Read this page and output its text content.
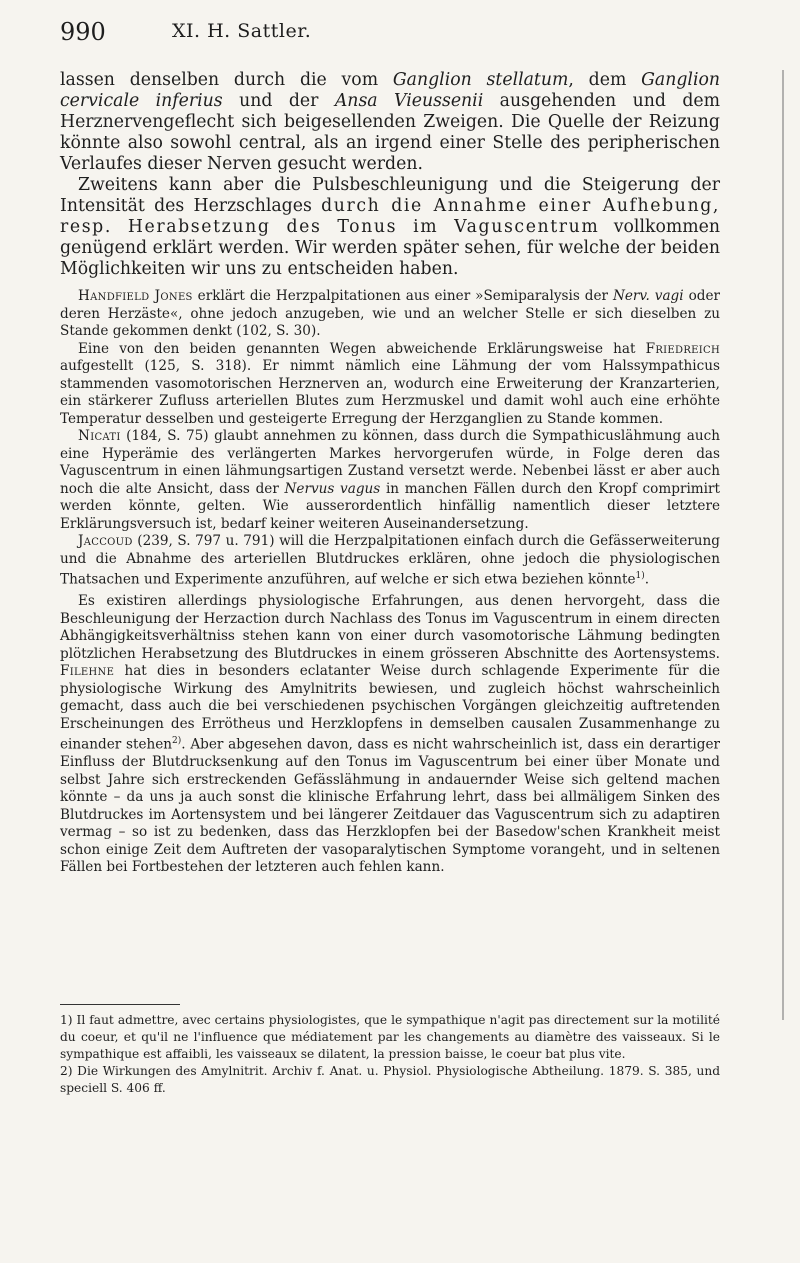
990	XI. H. Sattler.

lassen denselben durch die vom Ganglion stellatum, dem Ganglion cervicale inferius und der Ansa Vieussenii ausgehenden und dem Herznervengeflecht sich beigesellenden Zweigen. Die Quelle der Reizung könnte also sowohl central, als an irgend einer Stelle des peripherischen Verlaufes dieser Nerven gesucht werden.

Zweitens kann aber die Pulsbeschleunigung und die Steigerung der Intensität des Herzschlages durch die Annahme einer Aufhebung, resp. Herabsetzung des Tonus im Vaguscentrum vollkommen genügend erklärt werden. Wir werden später sehen, für welche der beiden Möglichkeiten wir uns zu entscheiden haben.

Handfield Jones erklärt die Herzpalpitationen aus einer »Semiparalysis der Nerv. vagi oder deren Herzäste«, ohne jedoch anzugeben, wie und an welcher Stelle er sich dieselben zu Stande gekommen denkt (102, S. 30).

Eine von den beiden genannten Wegen abweichende Erklärungsweise hat Friedreich aufgestellt (125, S. 318). Er nimmt nämlich eine Lähmung der vom Halssympathicus stammenden vasomotorischen Herznerven an, wodurch eine Erweiterung der Kranzarterien, ein stärkerer Zufluss arteriellen Blutes zum Herzmuskel und damit wohl auch eine erhöhte Temperatur desselben und gesteigerte Erregung der Herzganglien zu Stande kommen.

Nicati (184, S. 75) glaubt annehmen zu können, dass durch die Sympathicuslähmung auch eine Hyperämie des verlängerten Markes hervorgerufen würde, in Folge deren das Vaguscentrum in einen lähmungsartigen Zustand versetzt werde. Nebenbei lässt er aber auch noch die alte Ansicht, dass der Nervus vagus in manchen Fällen durch den Kropf comprimirt werden könnte, gelten. Wie ausserordentlich hinfällig namentlich dieser letztere Erklärungsversuch ist, bedarf keiner weiteren Auseinandersetzung.

Jaccoud (239, S. 797 u. 791) will die Herzpalpitationen einfach durch die Gefässerweiterung und die Abnahme des arteriellen Blutdruckes erklären, ohne jedoch die physiologischen Thatsachen und Experimente anzuführen, auf welche er sich etwa beziehen könnte$^{1)}$.

Es existiren allerdings physiologische Erfahrungen, aus denen hervorgeht, dass die Beschleunigung der Herzaction durch Nachlass des Tonus im Vaguscentrum in einem directen Abhängigkeitsverhältniss stehen kann von einer durch vasomotorische Lähmung bedingten plötzlichen Herabsetzung des Blutdruckes in einem grösseren Abschnitte des Aortensystems. Filehne hat dies in besonders eclatanter Weise durch schlagende Experimente für die physiologische Wirkung des Amylnitrits bewiesen, und zugleich höchst wahrscheinlich gemacht, dass auch die bei verschiedenen psychischen Vorgängen gleichzeitig auftretenden Erscheinungen des Errötheus und Herzklopfens in demselben causalen Zusammenhange zu einander stehen$^{2)}$. Aber abgesehen davon, dass es nicht wahrscheinlich ist, dass ein derartiger Einfluss der Blutdrucksenkung auf den Tonus im Vaguscentrum bei einer über Monate und selbst Jahre sich erstreckenden Gefässlähmung in andauernder Weise sich geltend machen könnte – da uns ja auch sonst die klinische Erfahrung lehrt, dass bei allmäligem Sinken des Blutdruckes im Aortensystem und bei längerer Zeitdauer das Vaguscentrum sich zu adaptiren vermag – so ist zu bedenken, dass das Herzklopfen bei der Basedow'schen Krankheit meist schon einige Zeit dem Auftreten der vasoparalytischen Symptome vorangeht, und in seltenen Fällen bei Fortbestehen der letzteren auch fehlen kann.

1) Il faut admettre, avec certains physiologistes, que le sympathique n'agit pas directement sur la motilité du coeur, et qu'il ne l'influence que médiatement par les changements au diamètre des vaisseaux. Si le sympathique est affaibli, les vaisseaux se dilatent, la pression baisse, le coeur bat plus vite.

2) Die Wirkungen des Amylnitrit. Archiv f. Anat. u. Physiol. Physiologische Abtheilung. 1879. S. 385, und speciell S. 406 ff.
